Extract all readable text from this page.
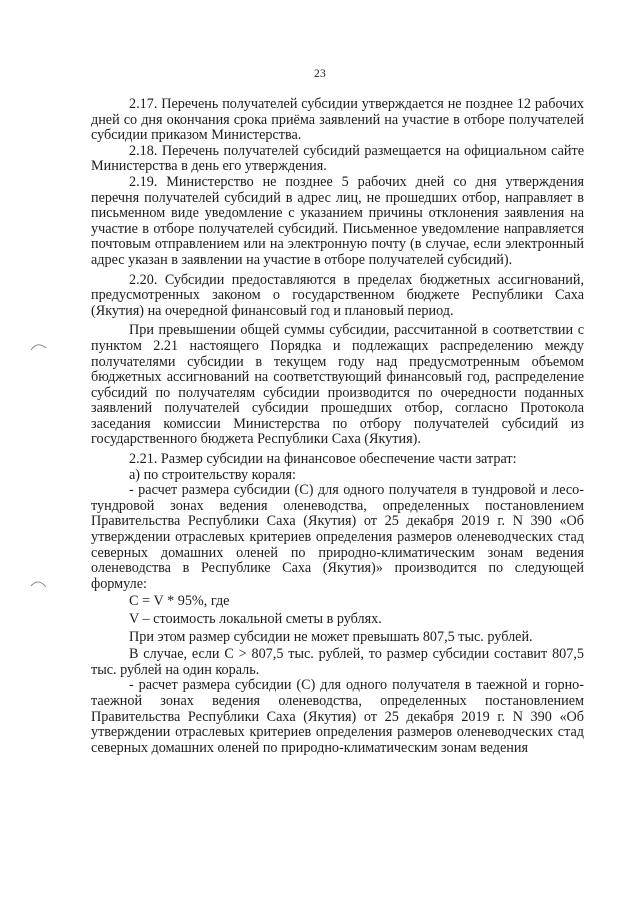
23

2.17. Перечень получателей субсидии утверждается не позднее 12 рабочих дней со дня окончания срока приёма заявлений на участие в отборе получателей субсидии приказом Министерства.

2.18. Перечень получателей субсидий размещается на официальном сайте Министерства в день его утверждения.

2.19. Министерство не позднее 5 рабочих дней со дня утверждения перечня получателей субсидий в адрес лиц, не прошедших отбор, направляет в письменном виде уведомление с указанием причины отклонения заявления на участие в отборе получателей субсидий. Письменное уведомление направляется почтовым отправлением или на электронную почту (в случае, если электронный адрес указан в заявлении на участие в отборе получателей субсидий).

2.20. Субсидии предоставляются в пределах бюджетных ассигнований, предусмотренных законом о государственном бюджете Республики Саха (Якутия) на очередной финансовый год и плановый период.

При превышении общей суммы субсидии, рассчитанной в соответствии с пунктом 2.21 настоящего Порядка и подлежащих распределению между получателями субсидии в текущем году над предусмотренным объемом бюджетных ассигнований на соответствующий финансовый год, распределение субсидий по получателям субсидии производится по очередности поданных заявлений получателей субсидии прошедших отбор, согласно Протокола заседания комиссии Министерства по отбору получателей субсидий из государственного бюджета Республики Саха (Якутия).

2.21. Размер субсидии на финансовое обеспечение части затрат:

а) по строительству кораля:

- расчет размера субсидии (С) для одного получателя в тундровой и лесо-тундровой зонах ведения оленеводства, определенных постановлением Правительства Республики Саха (Якутия) от 25 декабря 2019 г. N 390 «Об утверждении отраслевых критериев определения размеров оленеводческих стад северных домашних оленей по природно-климатическим зонам ведения оленеводства в Республике Саха (Якутия)» производится по следующей формуле:

С = V * 95%, где

V – стоимость локальной сметы в рублях.

При этом размер субсидии не может превышать 807,5 тыс. рублей.

В случае, если С > 807,5 тыс. рублей, то размер субсидии составит 807,5 тыс. рублей на один кораль.

- расчет размера субсидии (С) для одного получателя в таежной и горно-таежной зонах ведения оленеводства, определенных постановлением Правительства Республики Саха (Якутия) от 25 декабря 2019 г. N 390 «Об утверждении отраслевых критериев определения размеров оленеводческих стад северных домашних оленей по природно-климатическим зонам ведения
